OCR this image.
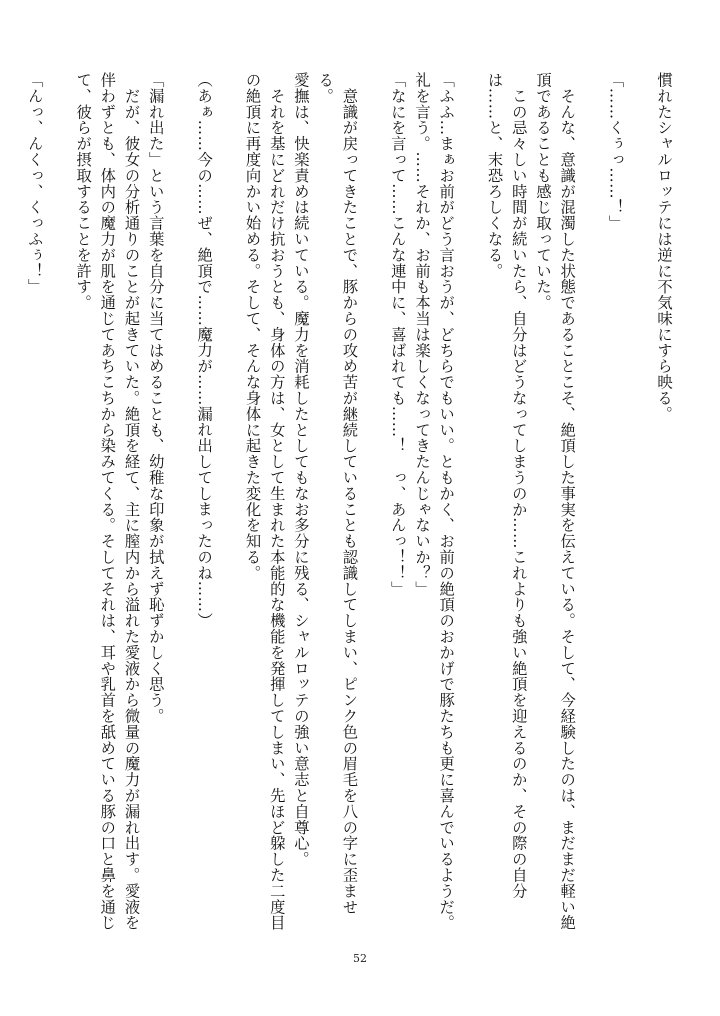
慣れたシャルロッテには逆に不気味にすら映る。

「……くぅっ……！」

　そんな、意識が混濁した状態であることこそ、絶頂した事実を伝えている。そして、今経験したのは、まだまだ軽い絶頂であることも感じ取っていた。

　この忌々しい時間が続いたら、自分はどうなってしまうのか……これよりも強い絶頂を迎えるのか、その際の自分は……と、末恐ろしくなる。

「ふふ…まぁお前がどう言おうが、どちらでもいい。ともかく、お前の絶頂のおかげで豚たちも更に喜んでいるようだ。礼を言う。……それか、お前も本当は楽しくなってきたんじゃないか？」

「なにを言って……こんな連中に、喜ばれても……！　っ、あんっ！！」

　意識が戻ってきたことで、豚からの攻め苦が継続していることも認識してしまい、ピンク色の眉毛を八の字に歪ませる。

愛撫は、快楽責めは続いている。魔力を消耗したとしてもなお多分に残る、シャルロッテの強い意志と自尊心。

　それを基にどれだけ抗おうとも、身体の方は、女として生まれた本能的な機能を発揮してしまい、先ほど躱した二度目の絶頂に再度向かい始める。そして、そんな身体に起きた変化を知る。

（あぁ……今の……ぜ、絶頂で……魔力が……漏れ出してしまったのね……）

「漏れ出た」という言葉を自分に当てはめることも、幼稚な印象が拭えず恥ずかしく思う。

　だが、彼女の分析通りのことが起きていた。絶頂を経て、主に膣内から溢れた愛液から微量の魔力が漏れ出す。愛液を伴わずとも、体内の魔力が肌を通じてあちこちから染みてくる。そしてそれは、耳や乳首を舐めている豚の口と鼻を通じて、彼らが摂取することを許す。

「んっ、んくっ、くっふぅ！」

52
